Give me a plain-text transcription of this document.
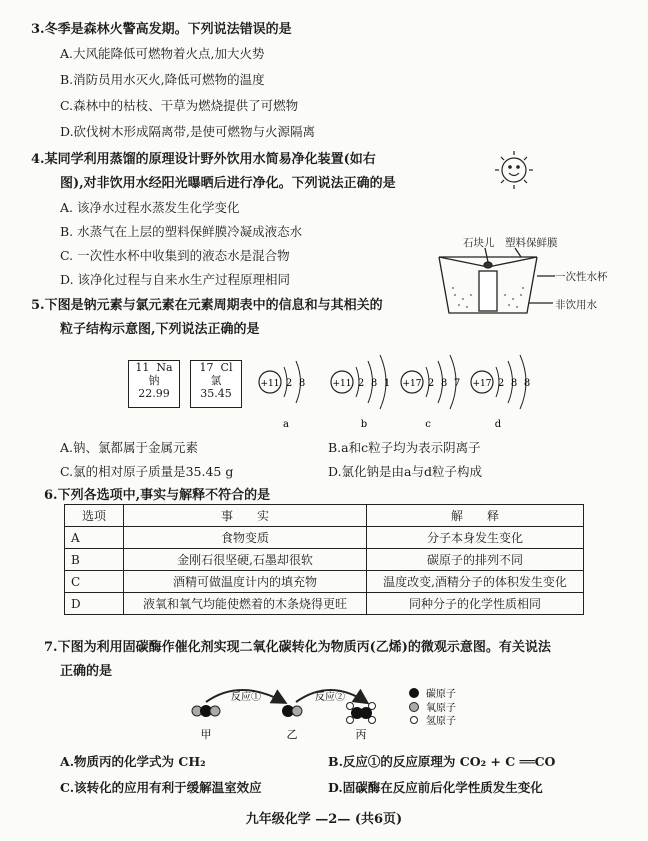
3.冬季是森林火警高发期。下列说法错误的是
A.大风能降低可燃物着火点,加大火势
B.消防员用水灭火,降低可燃物的温度
C.森林中的枯枝、干草为燃烧提供了可燃物
D.砍伐树木形成隔离带,是使可燃物与火源隔离
4.某同学利用蒸馏的原理设计野外饮用水简易净化装置(如右
图),对非饮用水经阳光曝晒后进行净化。下列说法正确的是
A. 该净水过程水蒸发生化学变化
B. 水蒸气在上层的塑料保鲜膜冷凝成液态水
C. 一次性水杯中收集到的液态水是混合物
D. 该净化过程与自来水生产过程原理相同
石块儿 塑料保鲜膜
一次性水杯
非饮用水
5.下图是钠元素与氯元素在元素周期表中的信息和与其相关的
粒子结构示意图,下列说法正确的是
11 Na
钠
22.99
17 Cl
氯
35.45
+11 2 8
a
+11 2 8 1
b
+17 2 8 7
c
+17 2 8 8
d
A.钠、氯都属于金属元素	B.a和c粒子均为表示阴离子
C.氯的相对原子质量是35.45 g	D.氯化钠是由a与d粒子构成
6.下列各选项中,事实与解释不符合的是
选项	事　　实	解　　释
A	食物变质	分子本身发生变化
B	金刚石很坚硬,石墨却很软	碳原子的排列不同
C	酒精可做温度计内的填充物	温度改变,酒精分子的体积发生变化
D	液氧和氧气均能使燃着的木条烧得更旺	同种分子的化学性质相同
7.下图为利用固碳酶作催化剂实现二氧化碳转化为物质丙(乙烯)的微观示意图。有关说法
正确的是
反应①	反应②
甲	乙	丙
碳原子
氧原子
氢原子
A.物质丙的化学式为 CH₂	B.反应①的反应原理为 CO₂ + C ══CO
C.该转化的应用有利于缓解温室效应	D.固碳酶在反应前后化学性质发生变化
九年级化学 —2— (共6页)
